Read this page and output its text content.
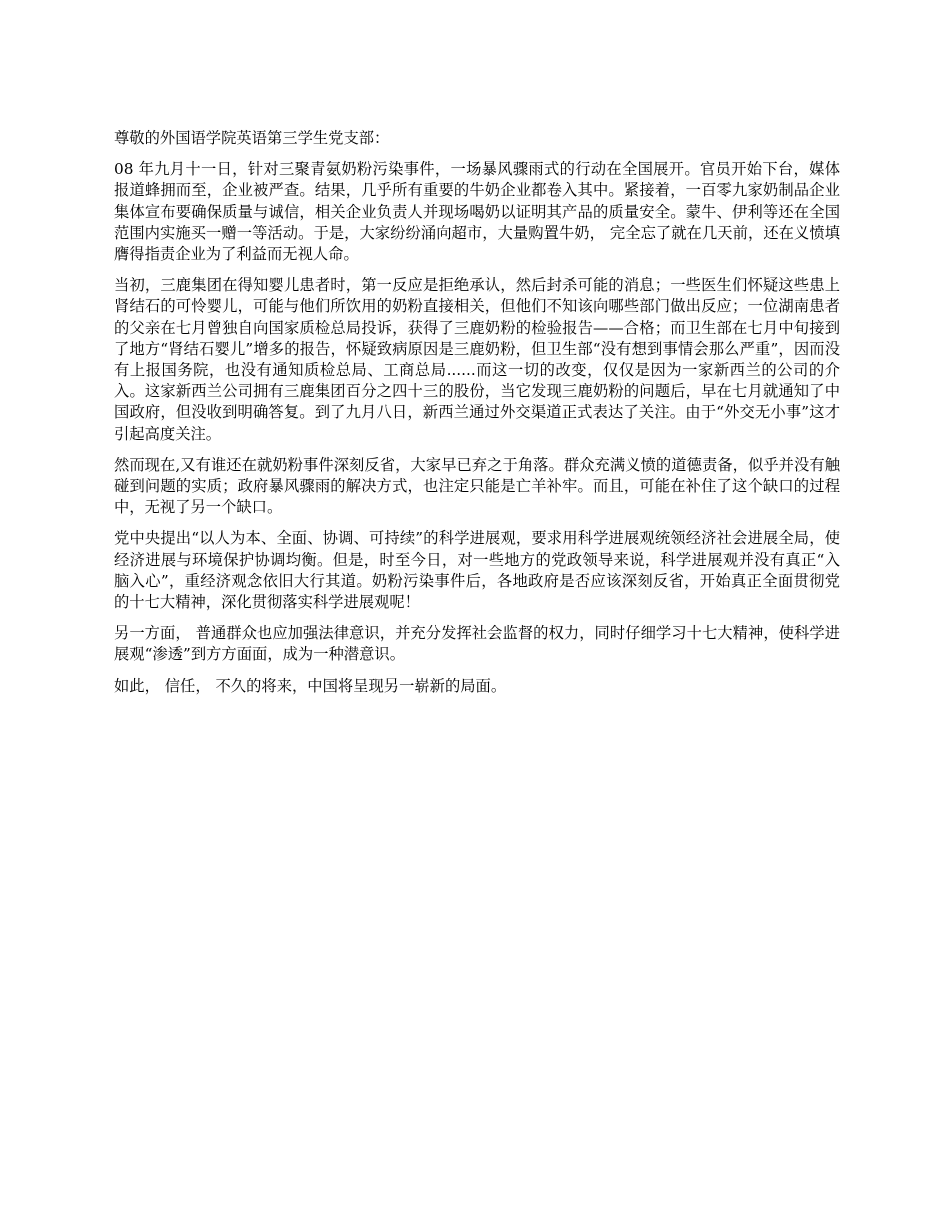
尊敬的外国语学院英语第三学生党支部：

08 年九月十一日，针对三聚青氨奶粉污染事件，一场暴风骤雨式的行动在全国展开。官员开始下台，媒体报道蜂拥而至，企业被严查。结果，几乎所有重要的牛奶企业都卷入其中。紧接着，一百零九家奶制品企业集体宣布要确保质量与诚信，相关企业负责人并现场喝奶以证明其产品的质量安全。蒙牛、伊利等还在全国范围内实施买一赠一等活动。于是，大家纷纷涌向超市，大量购置牛奶， 完全忘了就在几天前，还在义愤填膺得指责企业为了利益而无视人命。

当初，三鹿集团在得知婴儿患者时，第一反应是拒绝承认，然后封杀可能的消息；一些医生们怀疑这些患上肾结石的可怜婴儿，可能与他们所饮用的奶粉直接相关，但他们不知该向哪些部门做出反应；一位湖南患者的父亲在七月曾独自向国家质检总局投诉，获得了三鹿奶粉的检验报告——合格；而卫生部在七月中旬接到了地方“肾结石婴儿”增多的报告，怀疑致病原因是三鹿奶粉，但卫生部“没有想到事情会那么严重”，因而没有上报国务院，也没有通知质检总局、工商总局......而这一切的改变，仅仅是因为一家新西兰的公司的介入。这家新西兰公司拥有三鹿集团百分之四十三的股份，当它发现三鹿奶粉的问题后，早在七月就通知了中国政府，但没收到明确答复。到了九月八日，新西兰通过外交渠道正式表达了关注。由于“外交无小事”这才引起高度关注。

然而现在,又有谁还在就奶粉事件深刻反省，大家早已弃之于角落。群众充满义愤的道德责备，似乎并没有触碰到问题的实质；政府暴风骤雨的解决方式，也注定只能是亡羊补牢。而且，可能在补住了这个缺口的过程中，无视了另一个缺口。

党中央提出“以人为本、全面、协调、可持续”的科学进展观，要求用科学进展观统领经济社会进展全局，使经济进展与环境保护协调均衡。但是，时至今日，对一些地方的党政领导来说，科学进展观并没有真正“入脑入心”，重经济观念依旧大行其道。奶粉污染事件后，各地政府是否应该深刻反省，开始真正全面贯彻党的十七大精神，深化贯彻落实科学进展观呢！

另一方面， 普通群众也应加强法律意识，并充分发挥社会监督的权力，同时仔细学习十七大精神，使科学进展观“渗透”到方方面面，成为一种潜意识。

如此， 信任， 不久的将来，中国将呈现另一崭新的局面。
